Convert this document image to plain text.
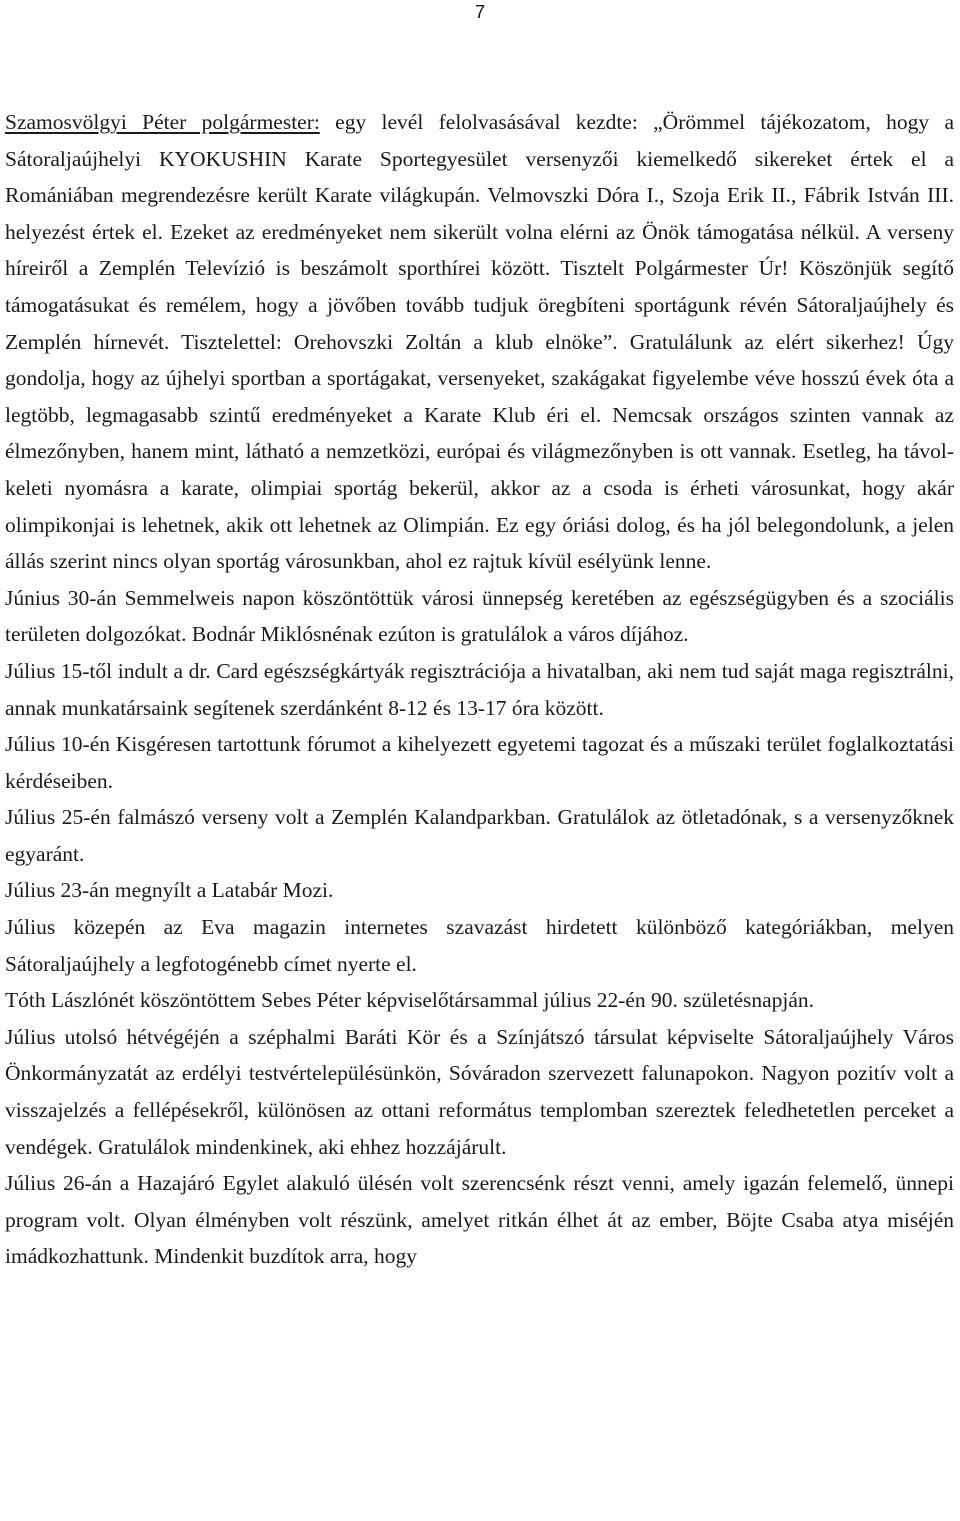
7

Szamosvölgyi Péter polgármester: egy levél felolvasásával kezdte: „Örömmel tájékozatom, hogy a Sátoraljaújhelyi KYOKUSHIN Karate Sportegyesület versenyzői kiemelkedő sikereket értek el a Romániában megrendezésre került Karate világkupán. Velmovszki Dóra I., Szoja Erik II., Fábrik István III. helyezést értek el. Ezeket az eredményeket nem sikerült volna elérni az Önök támogatása nélkül. A verseny híreiről a Zemplén Televízió is beszámolt sporthírei között. Tisztelt Polgármester Úr! Köszönjük segítő támogatásukat és remélem, hogy a jövőben tovább tudjuk öregbíteni sportágunk révén Sátoraljaújhely és Zemplén hírnevét. Tisztelettel: Orehovszki Zoltán a klub elnöke”. Gratulálunk az elért sikerhez! Úgy gondolja, hogy az újhelyi sportban a sportágakat, versenyeket, szakágakat figyelembe véve hosszú évek óta a legtöbb, legmagasabb szintű eredményeket a Karate Klub éri el. Nemcsak országos szinten vannak az élmezőnyben, hanem mint, látható a nemzetközi, európai és világmezőnyben is ott vannak. Esetleg, ha távol-keleti nyomásra a karate, olimpiai sportág bekerül, akkor az a csoda is érheti városunkat, hogy akár olimpikonjai is lehetnek, akik ott lehetnek az Olimpián. Ez egy óriási dolog, és ha jól belegondolunk, a jelen állás szerint nincs olyan sportág városunkban, ahol ez rajtuk kívül esélyünk lenne.

Június 30-án Semmelweis napon köszöntöttük városi ünnepség keretében az egészségügyben és a szociális területen dolgozókat. Bodnár Miklósnénak ezúton is gratulálok a város díjához.

Július 15-től indult a dr. Card egészségkártyák regisztrációja a hivatalban, aki nem tud saját maga regisztrálni, annak munkatársaink segítenek szerdánként 8-12 és 13-17 óra között.

Július 10-én Kisgéresen tartottunk fórumot a kihelyezett egyetemi tagozat és a műszaki terület foglalkoztatási kérdéseiben.

Július 25-én falmászó verseny volt a Zemplén Kalandparkban. Gratulálok az ötletadónak, s a versenyzőknek egyaránt.

Július 23-án megnyílt a Latabár Mozi.

Július közepén az Eva magazin internetes szavazást hirdetett különböző kategóriákban, melyen Sátoraljaújhely a legfotogénebb címet nyerte el.

Tóth Lászlónét köszöntöttem Sebes Péter képviselőtársammal július 22-én 90. születésnapján.

Július utolsó hétvégéjén a széphalmi Baráti Kör és a Színjátszó társulat képviselte Sátoraljaújhely Város Önkormányzatát az erdélyi testvértelepülésünkön, Sóváradon szervezett falunapokon. Nagyon pozitív volt a visszajelzés a fellépésekről, különösen az ottani református templomban szereztek feledhetetlen perceket a vendégek. Gratulálok mindenkinek, aki ehhez hozzájárult.

Július 26-án a Hazajáró Egylet alakuló ülésén volt szerencsénk részt venni, amely igazán felemelő, ünnepi program volt. Olyan élményben volt részünk, amelyet ritkán élhet át az ember, Böjte Csaba atya miséjén imádkozhattunk. Mindenkit buzdítok arra, hogy
